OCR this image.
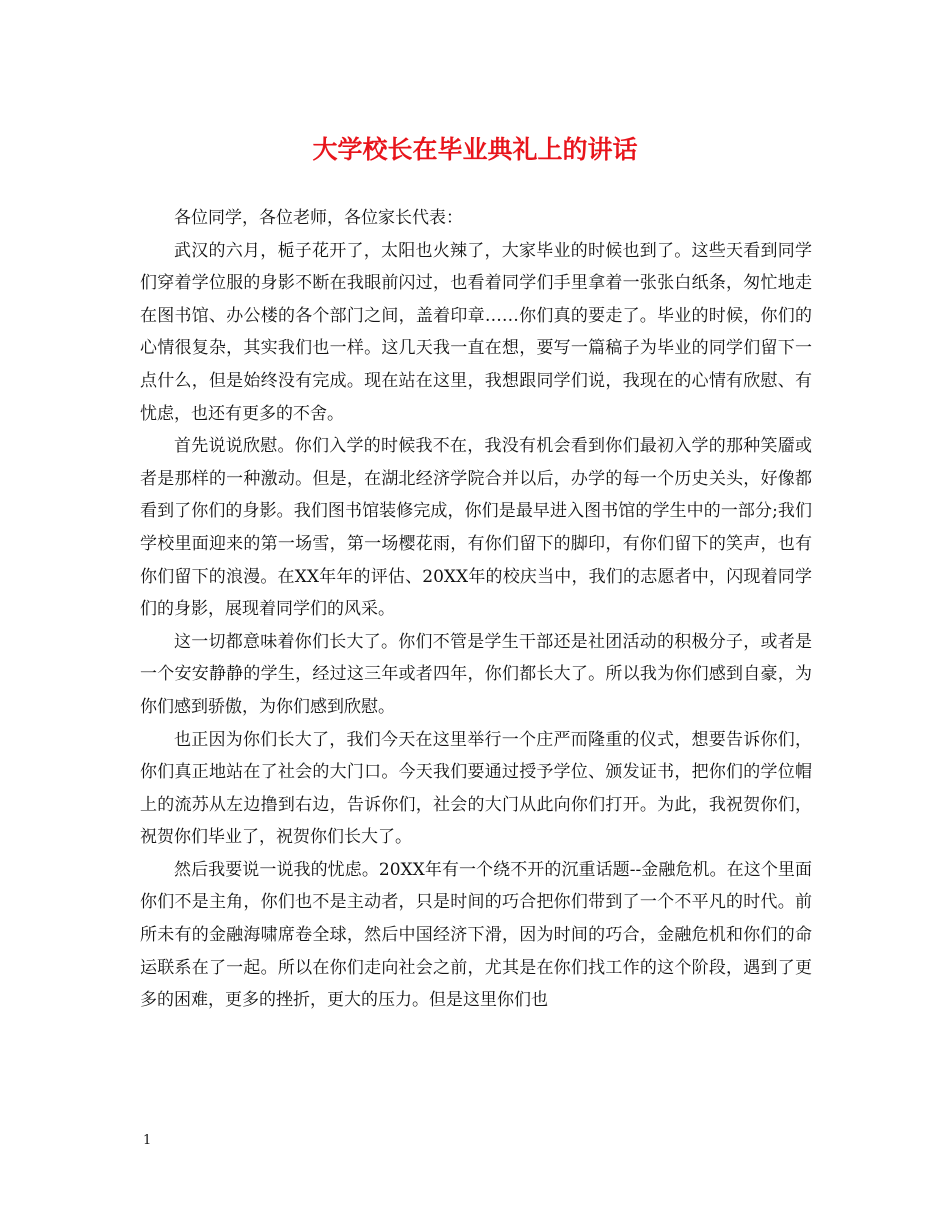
大学校长在毕业典礼上的讲话

各位同学，各位老师，各位家长代表：

武汉的六月，栀子花开了，太阳也火辣了，大家毕业的时候也到了。这些天看到同学们穿着学位服的身影不断在我眼前闪过，也看着同学们手里拿着一张张白纸条，匆忙地走在图书馆、办公楼的各个部门之间，盖着印章……你们真的要走了。毕业的时候，你们的心情很复杂，其实我们也一样。这几天我一直在想，要写一篇稿子为毕业的同学们留下一点什么，但是始终没有完成。现在站在这里，我想跟同学们说，我现在的心情有欣慰、有忧虑，也还有更多的不舍。

首先说说欣慰。你们入学的时候我不在，我没有机会看到你们最初入学的那种笑靥或者是那样的一种激动。但是，在湖北经济学院合并以后，办学的每一个历史关头，好像都看到了你们的身影。我们图书馆装修完成，你们是最早进入图书馆的学生中的一部分;我们学校里面迎来的第一场雪，第一场樱花雨，有你们留下的脚印，有你们留下的笑声，也有你们留下的浪漫。在XX年年的评估、20XX年的校庆当中，我们的志愿者中，闪现着同学们的身影，展现着同学们的风采。

这一切都意味着你们长大了。你们不管是学生干部还是社团活动的积极分子，或者是一个安安静静的学生，经过这三年或者四年，你们都长大了。所以我为你们感到自豪，为你们感到骄傲，为你们感到欣慰。

也正因为你们长大了，我们今天在这里举行一个庄严而隆重的仪式，想要告诉你们，你们真正地站在了社会的大门口。今天我们要通过授予学位、颁发证书，把你们的学位帽上的流苏从左边撸到右边，告诉你们，社会的大门从此向你们打开。为此，我祝贺你们，祝贺你们毕业了，祝贺你们长大了。

然后我要说一说我的忧虑。20XX年有一个绕不开的沉重话题--金融危机。在这个里面你们不是主角，你们也不是主动者，只是时间的巧合把你们带到了一个不平凡的时代。前所未有的金融海啸席卷全球，然后中国经济下滑，因为时间的巧合，金融危机和你们的命运联系在了一起。所以在你们走向社会之前，尤其是在你们找工作的这个阶段，遇到了更多的困难，更多的挫折，更大的压力。但是这里你们也

1
